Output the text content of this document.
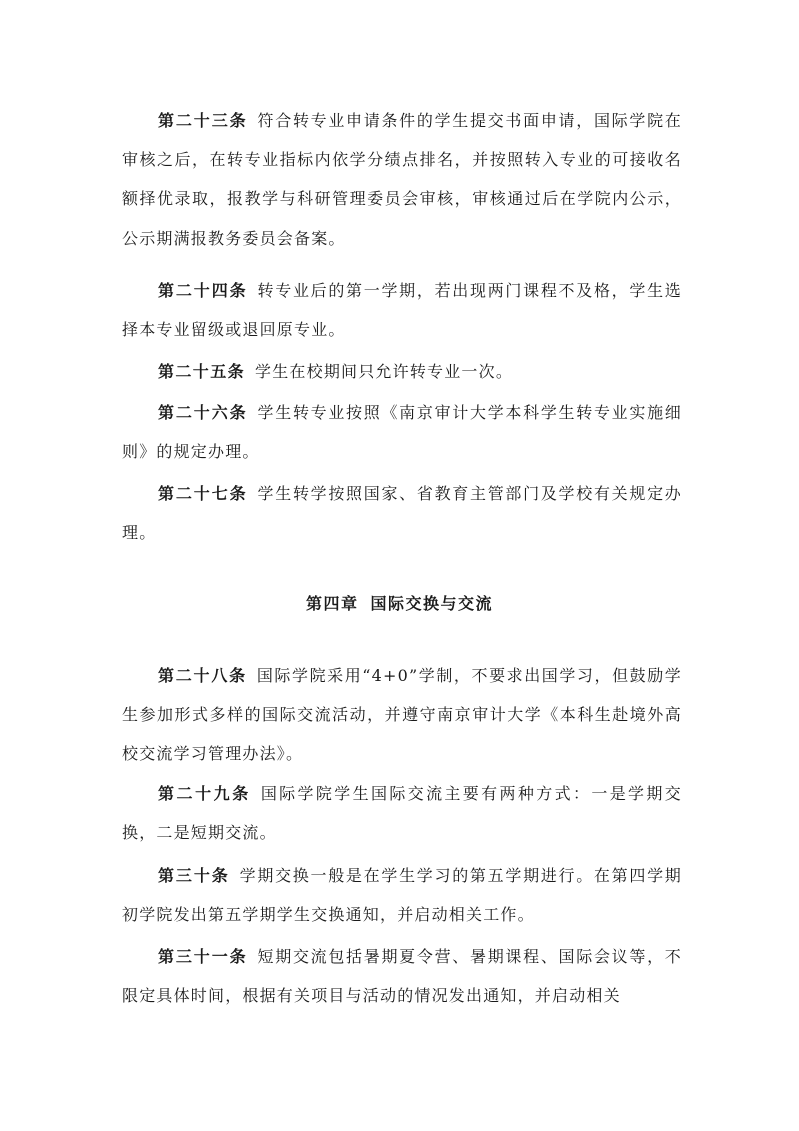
第二十三条 符合转专业申请条件的学生提交书面申请，国际学院在审核之后，在转专业指标内依学分绩点排名，并按照转入专业的可接收名额择优录取，报教学与科研管理委员会审核，审核通过后在学院内公示，公示期满报教务委员会备案。
第二十四条 转专业后的第一学期，若出现两门课程不及格，学生选择本专业留级或退回原专业。
第二十五条 学生在校期间只允许转专业一次。
第二十六条 学生转专业按照《南京审计大学本科学生转专业实施细则》的规定办理。
第二十七条 学生转学按照国家、省教育主管部门及学校有关规定办理。
第四章 国际交换与交流
第二十八条 国际学院采用“4+0”学制，不要求出国学习，但鼓励学生参加形式多样的国际交流活动，并遵守南京审计大学《本科生赴境外高校交流学习管理办法》。
第二十九条 国际学院学生国际交流主要有两种方式：一是学期交换，二是短期交流。
第三十条 学期交换一般是在学生学习的第五学期进行。在第四学期初学院发出第五学期学生交换通知，并启动相关工作。
第三十一条 短期交流包括暑期夏令营、暑期课程、国际会议等，不限定具体时间，根据有关项目与活动的情况发出通知，并启动相关
